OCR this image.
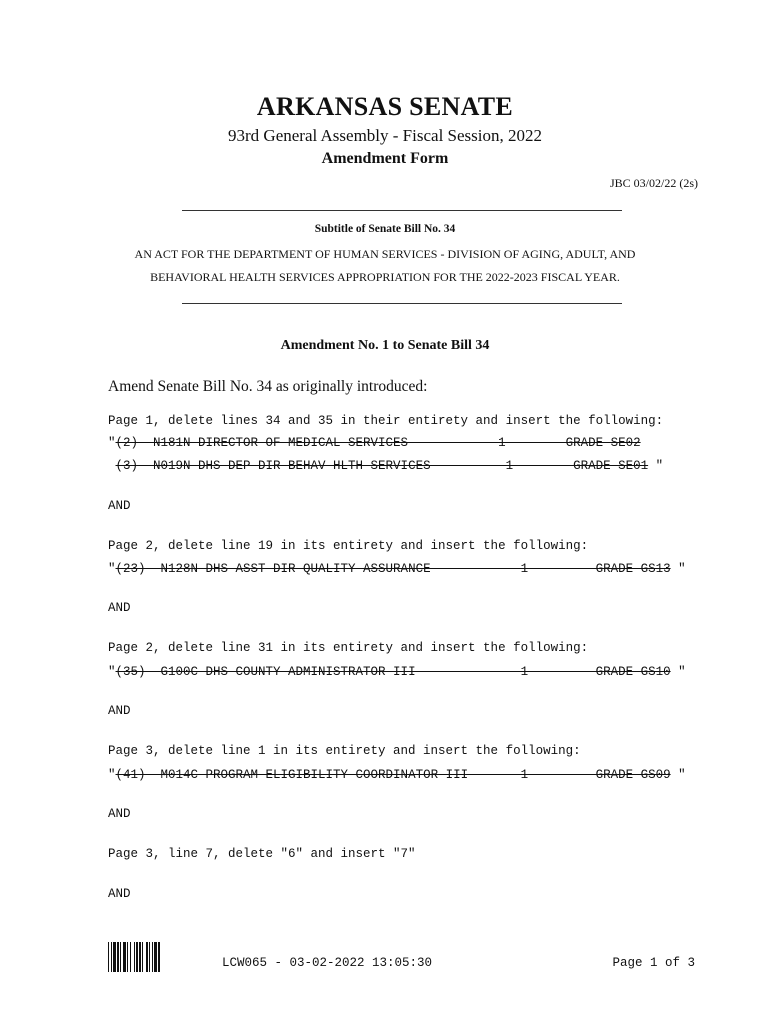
ARKANSAS SENATE
93rd General Assembly - Fiscal Session, 2022
Amendment Form
JBC 03/02/22 (2s)
Subtitle of Senate Bill No. 34
AN ACT FOR THE DEPARTMENT OF HUMAN SERVICES - DIVISION OF AGING, ADULT, AND
BEHAVIORAL HEALTH SERVICES APPROPRIATION FOR THE 2022-2023 FISCAL YEAR.
Amendment No. 1 to Senate Bill 34
Amend Senate Bill No. 34 as originally introduced:
Page 1, delete lines 34 and 35 in their entirety and insert the following:
"(2)  N181N DIRECTOR OF MEDICAL SERVICES            1        GRADE SE02
(3)  N019N DHS DEP DIR BEHAV HLTH SERVICES          1        GRADE SE01 "
AND
Page 2, delete line 19 in its entirety and insert the following:
"(23)  N128N DHS ASST DIR QUALITY ASSURANCE            1         GRADE GS13 "
AND
Page 2, delete line 31 in its entirety and insert the following:
"(35)  G100C DHS COUNTY ADMINISTRATOR III              1         GRADE GS10 "
AND
Page 3, delete line 1 in its entirety and insert the following:
"(41)  M014C PROGRAM ELIGIBILITY COORDINATOR III       1         GRADE GS09 "
AND
Page 3, line 7, delete "6" and insert "7"
AND
LCW065 - 03-02-2022 13:05:30	Page 1 of 3
